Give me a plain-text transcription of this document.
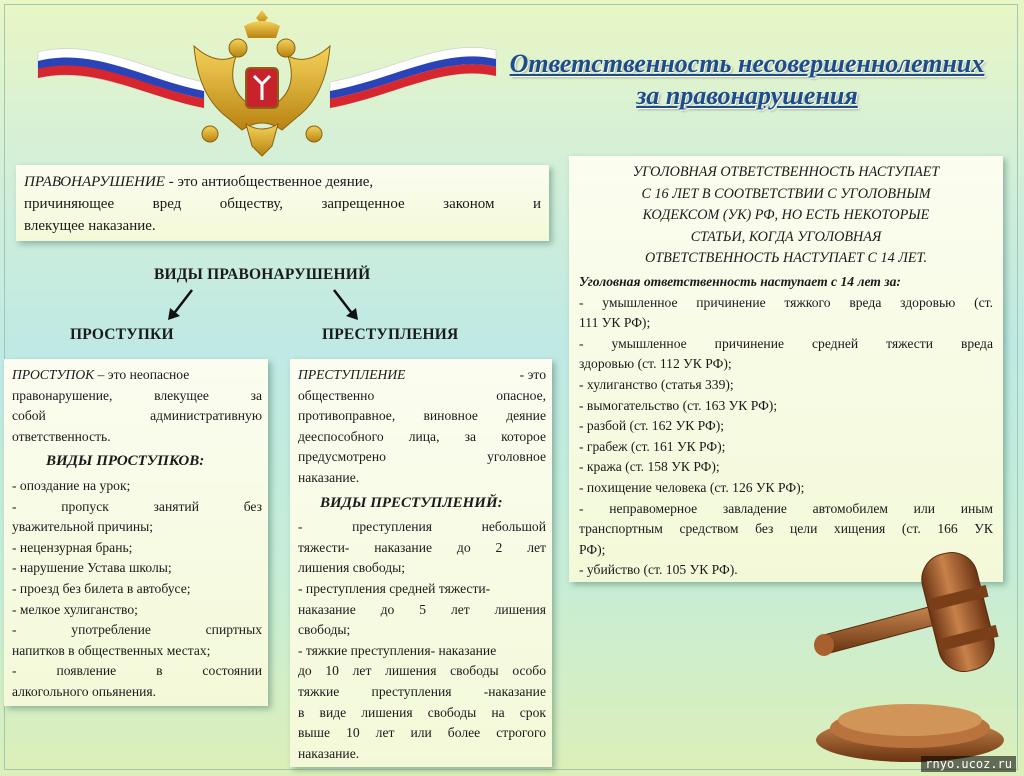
Ответственность несовершеннолетних
за правонарушения
ПРАВОНАРУШЕНИЕ - это антиобщественное деяние,
причиняющее вред обществу, запрещенное законом и
влекущее наказание.
ВИДЫ ПРАВОНАРУШЕНИЙ
ПРОСТУПКИ	ПРЕСТУПЛЕНИЯ
ПРОСТУПОК – это неопасное
правонарушение, влекущее за
собой административную
ответственность.
ВИДЫ ПРОСТУПКОВ:
- опоздание на урок;
- пропуск занятий без
уважительной причины;
- нецензурная брань;
- нарушение Устава школы;
- проезд без билета в автобусе;
- мелкое хулиганство;
- употребление спиртных
напитков в общественных местах;
- появление в состоянии
алкогольного опьянения.
ПРЕСТУПЛЕНИЕ	- это
общественно опасное,
противоправное, виновное деяние
дееспособного лица, за которое
предусмотрено уголовное
наказание.
ВИДЫ ПРЕСТУПЛЕНИЙ:
- преступления небольшой
тяжести- наказание до 2 лет
лишения свободы;
- преступления средней тяжести-
наказание до 5 лет лишения
свободы;
- тяжкие преступления- наказание
до 10 лет лишения свободы особо
тяжкие преступления -наказание
в виде лишения свободы на срок
выше 10 лет или более строгого
наказание.
УГОЛОВНАЯ ОТВЕТСТВЕННОСТЬ НАСТУПАЕТ
С 16 ЛЕТ В СООТВЕТСТВИИ С УГОЛОВНЫМ
КОДЕКСОМ (УК) РФ, НО ЕСТЬ НЕКОТОРЫЕ
СТАТЬИ, КОГДА УГОЛОВНАЯ
ОТВЕТСТВЕННОСТЬ НАСТУПАЕТ С 14 ЛЕТ.
Уголовная ответственность наступает с 14 лет за:
- умышленное причинение тяжкого вреда здоровью (ст.
111 УК РФ);
- умышленное причинение средней тяжести вреда
здоровью (ст. 112 УК РФ);
- хулиганство (статья 339);
- вымогательство (ст. 163 УК РФ);
- разбой (ст. 162 УК РФ);
- грабеж (ст. 161 УК РФ);
- кража (ст. 158 УК РФ);
- похищение человека (ст. 126 УК РФ);
- неправомерное завладение автомобилем или иным
транспортным средством без цели хищения (ст. 166 УК
РФ);
- убийство (ст. 105 УК РФ).
rnyo.ucoz.ru
